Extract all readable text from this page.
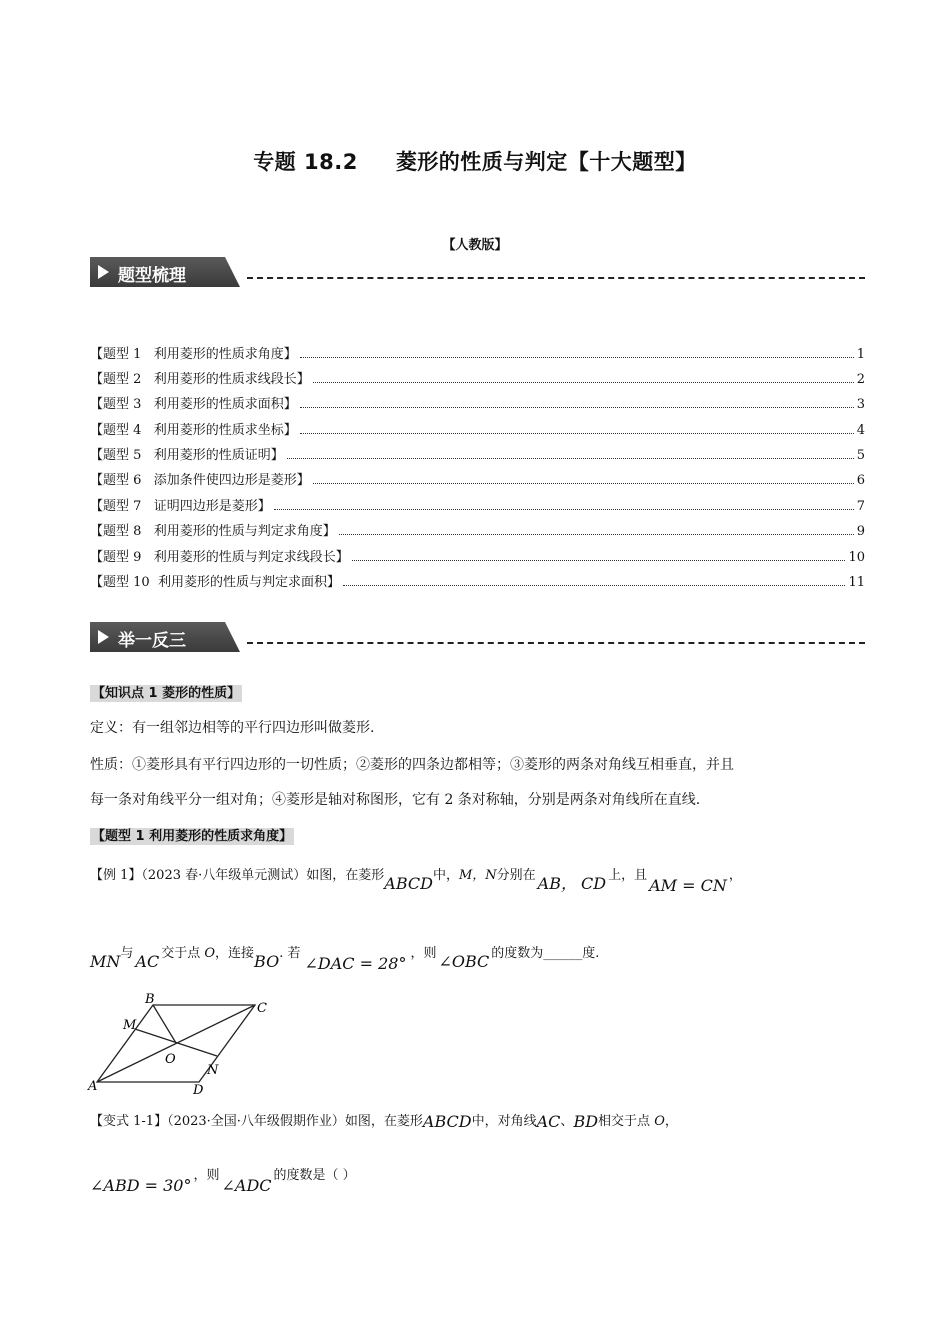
专题 18.2 菱形的性质与判定【十大题型】
【人教版】
题型梳理
【题型 1   利用菱形的性质求角度】	1
【题型 2   利用菱形的性质求线段长】	2
【题型 3   利用菱形的性质求面积】	3
【题型 4   利用菱形的性质求坐标】	4
【题型 5   利用菱形的性质证明】	5
【题型 6   添加条件使四边形是菱形】	6
【题型 7   证明四边形是菱形】	7
【题型 8   利用菱形的性质与判定求角度】	9
【题型 9   利用菱形的性质与判定求线段长】	10
【题型 10  利用菱形的性质与判定求面积】	11
举一反三
【知识点 1 菱形的性质】
定义：有一组邻边相等的平行四边形叫做菱形.
性质：①菱形具有平行四边形的一切性质；②菱形的四条边都相等；③菱形的两条对角线互相垂直，并且
每一条对角线平分一组对角；④菱形是轴对称图形，它有 2 条对称轴，分别是两条对角线所在直线.
【题型 1 利用菱形的性质求角度】
【例 1】（2023 春·八年级单元测试）如图，在菱形ABCD中，M，N分别在 AB， CD 上，且AM = CN，
MN与 AC 交于点 O，连接BO. 若∠DAC = 28°，则 ∠OBC 的度数为______度.
A
B
C
D
M
N
O
【变式 1-1】（2023·全国·八年级假期作业）如图，在菱形ABCD中，对角线AC、BD相交于点 O，
∠ABD = 30°，则∠ADC的度数是（ ）
